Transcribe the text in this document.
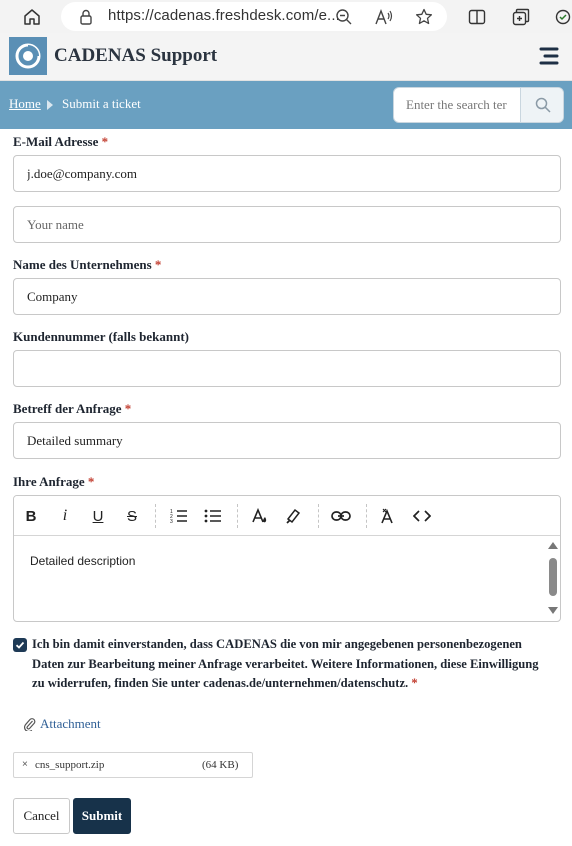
https://cadenas.freshdesk.com/e...
CADENAS Support
Home Submit a ticket
Enter the search ter
E-Mail Adresse *
j.doe@company.com
Your name
Name des Unternehmens *
Company
Kundennummer (falls bekannt)
Betreff der Anfrage *
Detailed summary
Ihre Anfrage *
B	i	U	S	1
2
3
Detailed description
Ich bin damit einverstanden, dass CADENAS die von mir angegebenen personenbezogenen Daten zur Bearbeitung meiner Anfrage verarbeitet. Weitere Informationen, diese Einwilligung zu widerrufen, finden Sie unter cadenas.de/unternehmen/datenschutz. *
Attachment
× cns_support.zip	(64 KB)
Cancel	Submit
